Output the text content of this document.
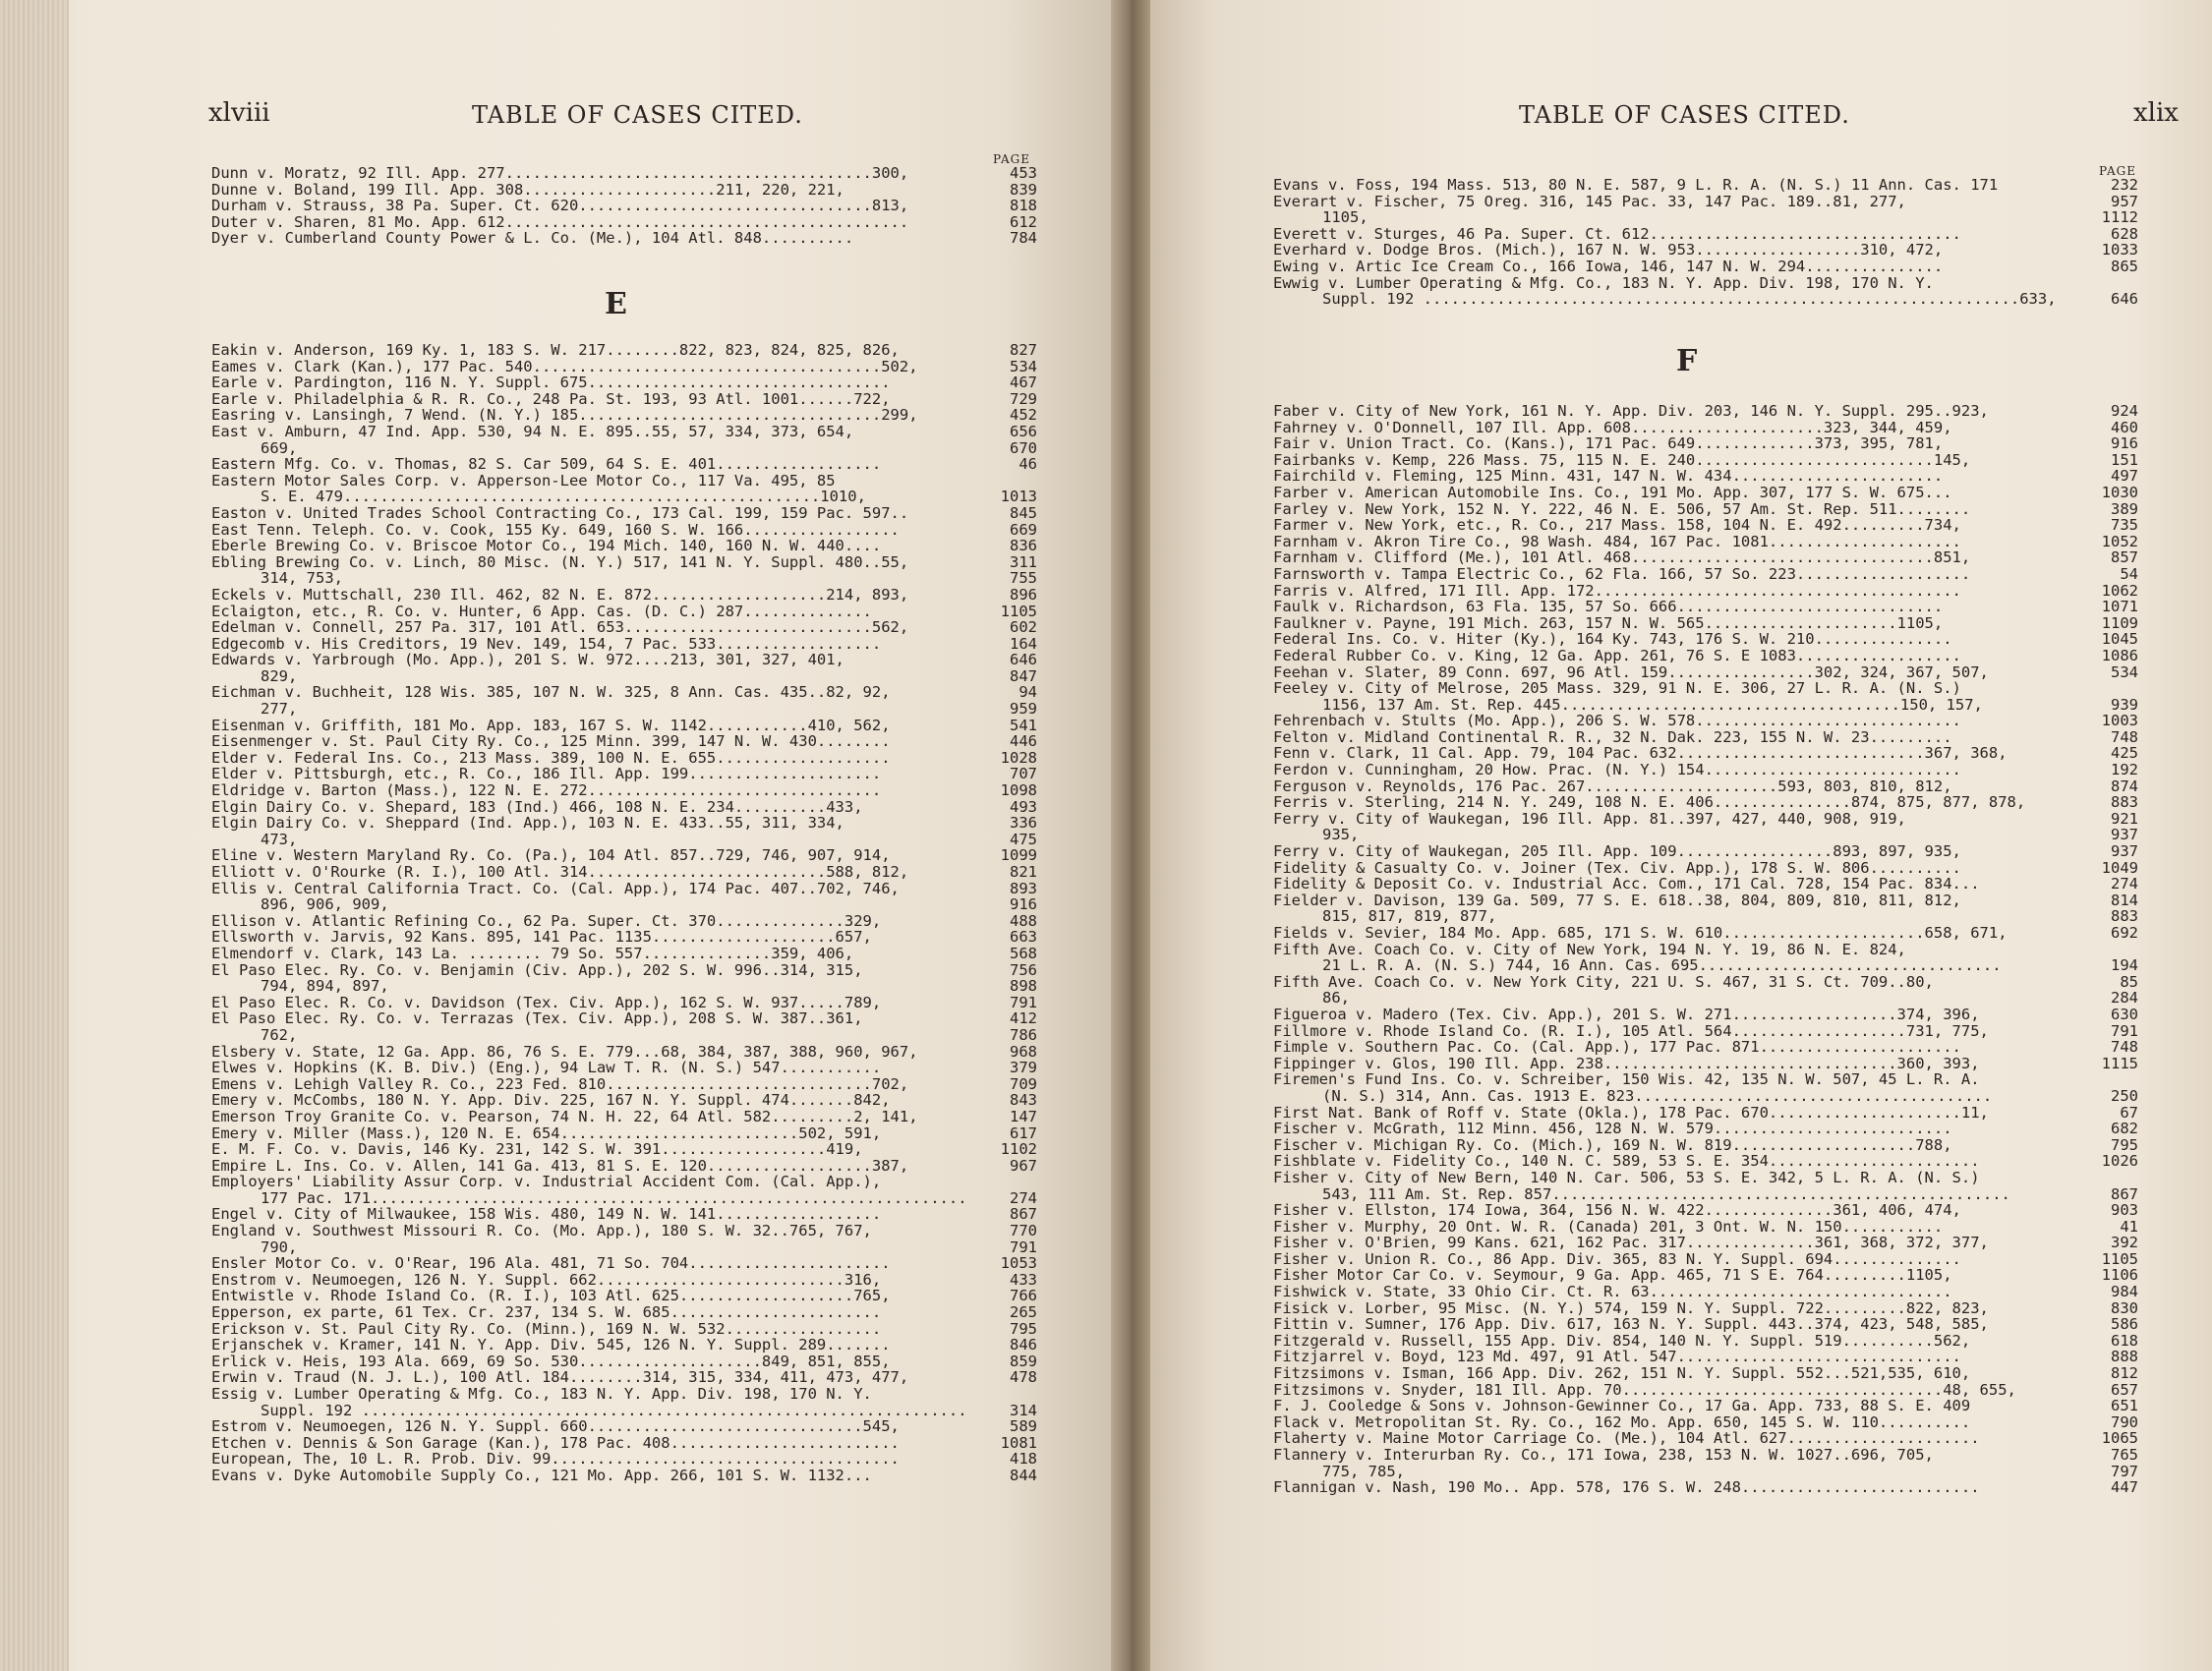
xlviii	TABLE OF CASES CITED.
PAGE
Dunn v. Moratz, 92 Ill. App. 277........................................300,	453
Dunne v. Boland, 199 Ill. App. 308.....................211, 220, 221,	839
Durham v. Strauss, 38 Pa. Super. Ct. 620................................813,	818
Duter v. Sharen, 81 Mo. App. 612............................................	612
Dyer v. Cumberland County Power & L. Co. (Me.), 104 Atl. 848..........	784
E
Eakin v. Anderson, 169 Ky. 1, 183 S. W. 217........822, 823, 824, 825, 826,	827
Eames v. Clark (Kan.), 177 Pac. 540......................................502,	534
Earle v. Pardington, 116 N. Y. Suppl. 675.................................	467
Earle v. Philadelphia & R. R. Co., 248 Pa. St. 193, 93 Atl. 1001......722,	729
Easring v. Lansingh, 7 Wend. (N. Y.) 185.................................299,	452
East v. Amburn, 47 Ind. App. 530, 94 N. E. 895..55, 57, 334, 373, 654,	656
669,	670
Eastern Mfg. Co. v. Thomas, 82 S. Car 509, 64 S. E. 401..................	46
Eastern Motor Sales Corp. v. Apperson-Lee Motor Co., 117 Va. 495, 85
S. E. 479....................................................1010,	1013
Easton v. United Trades School Contracting Co., 173 Cal. 199, 159 Pac. 597..	845
East Tenn. Teleph. Co. v. Cook, 155 Ky. 649, 160 S. W. 166.................	669
Eberle Brewing Co. v. Briscoe Motor Co., 194 Mich. 140, 160 N. W. 440....	836
Ebling Brewing Co. v. Linch, 80 Misc. (N. Y.) 517, 141 N. Y. Suppl. 480..55,	311
314, 753,	755
Eckels v. Muttschall, 230 Ill. 462, 82 N. E. 872...................214, 893,	896
Eclaigton, etc., R. Co. v. Hunter, 6 App. Cas. (D. C.) 287..............	1105
Edelman v. Connell, 257 Pa. 317, 101 Atl. 653...........................562,	602
Edgecomb v. His Creditors, 19 Nev. 149, 154, 7 Pac. 533..................	164
Edwards v. Yarbrough (Mo. App.), 201 S. W. 972....213, 301, 327, 401,	646
829,	847
Eichman v. Buchheit, 128 Wis. 385, 107 N. W. 325, 8 Ann. Cas. 435..82, 92,	94
277,	959
Eisenman v. Griffith, 181 Mo. App. 183, 167 S. W. 1142...........410, 562,	541
Eisenmenger v. St. Paul City Ry. Co., 125 Minn. 399, 147 N. W. 430........	446
Elder v. Federal Ins. Co., 213 Mass. 389, 100 N. E. 655...................	1028
Elder v. Pittsburgh, etc., R. Co., 186 Ill. App. 199.....................	707
Eldridge v. Barton (Mass.), 122 N. E. 272................................	1098
Elgin Dairy Co. v. Shepard, 183 (Ind.) 466, 108 N. E. 234..........433,	493
Elgin Dairy Co. v. Sheppard (Ind. App.), 103 N. E. 433..55, 311, 334,	336
473,	475
Eline v. Western Maryland Ry. Co. (Pa.), 104 Atl. 857..729, 746, 907, 914,	1099
Elliott v. O'Rourke (R. I.), 100 Atl. 314..........................588, 812,	821
Ellis v. Central California Tract. Co. (Cal. App.), 174 Pac. 407..702, 746,	893
896, 906, 909,	916
Ellison v. Atlantic Refining Co., 62 Pa. Super. Ct. 370..............329,	488
Ellsworth v. Jarvis, 92 Kans. 895, 141 Pac. 1135....................657,	663
Elmendorf v. Clark, 143 La. ........ 79 So. 557..............359, 406,	568
El Paso Elec. Ry. Co. v. Benjamin (Civ. App.), 202 S. W. 996..314, 315,	756
794, 894, 897,	898
El Paso Elec. R. Co. v. Davidson (Tex. Civ. App.), 162 S. W. 937.....789,	791
El Paso Elec. Ry. Co. v. Terrazas (Tex. Civ. App.), 208 S. W. 387..361,	412
762,	786
Elsbery v. State, 12 Ga. App. 86, 76 S. E. 779...68, 384, 387, 388, 960, 967,	968
Elwes v. Hopkins (K. B. Div.) (Eng.), 94 Law T. R. (N. S.) 547...........	379
Emens v. Lehigh Valley R. Co., 223 Fed. 810.............................702,	709
Emery v. McCombs, 180 N. Y. App. Div. 225, 167 N. Y. Suppl. 474.......842,	843
Emerson Troy Granite Co. v. Pearson, 74 N. H. 22, 64 Atl. 582.........2, 141,	147
Emery v. Miller (Mass.), 120 N. E. 654..........................502, 591,	617
E. M. F. Co. v. Davis, 146 Ky. 231, 142 S. W. 391..................419,	1102
Empire L. Ins. Co. v. Allen, 141 Ga. 413, 81 S. E. 120..................387,	967
Employers' Liability Assur Corp. v. Industrial Accident Com. (Cal. App.),
177 Pac. 171.................................................................	274
Engel v. City of Milwaukee, 158 Wis. 480, 149 N. W. 141..................	867
England v. Southwest Missouri R. Co. (Mo. App.), 180 S. W. 32..765, 767,	770
790,	791
Ensler Motor Co. v. O'Rear, 196 Ala. 481, 71 So. 704......................	1053
Enstrom v. Neumoegen, 126 N. Y. Suppl. 662...........................316,	433
Entwistle v. Rhode Island Co. (R. I.), 103 Atl. 625...................765,	766
Epperson, ex parte, 61 Tex. Cr. 237, 134 S. W. 685.......................	265
Erickson v. St. Paul City Ry. Co. (Minn.), 169 N. W. 532.................	795
Erjanschek v. Kramer, 141 N. Y. App. Div. 545, 126 N. Y. Suppl. 289.......	846
Erlick v. Heis, 193 Ala. 669, 69 So. 530....................849, 851, 855,	859
Erwin v. Traud (N. J. L.), 100 Atl. 184........314, 315, 334, 411, 473, 477,	478
Essig v. Lumber Operating & Mfg. Co., 183 N. Y. App. Div. 198, 170 N. Y.
Suppl. 192 ..................................................................	314
Estrom v. Neumoegen, 126 N. Y. Suppl. 660..............................545,	589
Etchen v. Dennis & Son Garage (Kan.), 178 Pac. 408.........................	1081
European, The, 10 L. R. Prob. Div. 99......................................	418
Evans v. Dyke Automobile Supply Co., 121 Mo. App. 266, 101 S. W. 1132...	844
TABLE OF CASES CITED.	xlix
PAGE
Evans v. Foss, 194 Mass. 513, 80 N. E. 587, 9 L. R. A. (N. S.) 11 Ann. Cas. 171	232
Everart v. Fischer, 75 Oreg. 316, 145 Pac. 33, 147 Pac. 189..81, 277,	957
1105,	1112
Everett v. Sturges, 46 Pa. Super. Ct. 612..................................	628
Everhard v. Dodge Bros. (Mich.), 167 N. W. 953..................310, 472,	1033
Ewing v. Artic Ice Cream Co., 166 Iowa, 146, 147 N. W. 294...............	865
Ewwig v. Lumber Operating & Mfg. Co., 183 N. Y. App. Div. 198, 170 N. Y.
Suppl. 192 .................................................................633,	646
F
Faber v. City of New York, 161 N. Y. App. Div. 203, 146 N. Y. Suppl. 295..923,	924
Fahrney v. O'Donnell, 107 Ill. App. 608.....................323, 344, 459,	460
Fair v. Union Tract. Co. (Kans.), 171 Pac. 649.............373, 395, 781,	916
Fairbanks v. Kemp, 226 Mass. 75, 115 N. E. 240..........................145,	151
Fairchild v. Fleming, 125 Minn. 431, 147 N. W. 434.......................	497
Farber v. American Automobile Ins. Co., 191 Mo. App. 307, 177 S. W. 675...	1030
Farley v. New York, 152 N. Y. 222, 46 N. E. 506, 57 Am. St. Rep. 511........	389
Farmer v. New York, etc., R. Co., 217 Mass. 158, 104 N. E. 492.........734,	735
Farnham v. Akron Tire Co., 98 Wash. 484, 167 Pac. 1081.....................	1052
Farnham v. Clifford (Me.), 101 Atl. 468.................................851,	857
Farnsworth v. Tampa Electric Co., 62 Fla. 166, 57 So. 223...................	54
Farris v. Alfred, 171 Ill. App. 172........................................	1062
Faulk v. Richardson, 63 Fla. 135, 57 So. 666.............................	1071
Faulkner v. Payne, 191 Mich. 263, 157 N. W. 565.....................1105,	1109
Federal Ins. Co. v. Hiter (Ky.), 164 Ky. 743, 176 S. W. 210...............	1045
Federal Rubber Co. v. King, 12 Ga. App. 261, 76 S. E 1083..................	1086
Feehan v. Slater, 89 Conn. 697, 96 Atl. 159................302, 324, 367, 507,	534
Feeley v. City of Melrose, 205 Mass. 329, 91 N. E. 306, 27 L. R. A. (N. S.)
1156, 137 Am. St. Rep. 445.....................................150, 157,	939
Fehrenbach v. Stults (Mo. App.), 206 S. W. 578.............................	1003
Felton v. Midland Continental R. R., 32 N. Dak. 223, 155 N. W. 23.........	748
Fenn v. Clark, 11 Cal. App. 79, 104 Pac. 632...........................367, 368,	425
Ferdon v. Cunningham, 20 How. Prac. (N. Y.) 154............................	192
Ferguson v. Reynolds, 176 Pac. 267.....................593, 803, 810, 812,	874
Ferris v. Sterling, 214 N. Y. 249, 108 N. E. 406...............874, 875, 877, 878,	883
Ferry v. City of Waukegan, 196 Ill. App. 81..397, 427, 440, 908, 919,	921
935,	937
Ferry v. City of Waukegan, 205 Ill. App. 109.................893, 897, 935,	937
Fidelity & Casualty Co. v. Joiner (Tex. Civ. App.), 178 S. W. 806..........	1049
Fidelity & Deposit Co. v. Industrial Acc. Com., 171 Cal. 728, 154 Pac. 834...	274
Fielder v. Davison, 139 Ga. 509, 77 S. E. 618..38, 804, 809, 810, 811, 812,	814
815, 817, 819, 877,	883
Fields v. Sevier, 184 Mo. App. 685, 171 S. W. 610......................658, 671,	692
Fifth Ave. Coach Co. v. City of New York, 194 N. Y. 19, 86 N. E. 824,
21 L. R. A. (N. S.) 744, 16 Ann. Cas. 695.................................	194
Fifth Ave. Coach Co. v. New York City, 221 U. S. 467, 31 S. Ct. 709..80,	85
86,	284
Figueroa v. Madero (Tex. Civ. App.), 201 S. W. 271..................374, 396,	630
Fillmore v. Rhode Island Co. (R. I.), 105 Atl. 564...................731, 775,	791
Fimple v. Southern Pac. Co. (Cal. App.), 177 Pac. 871......................	748
Fippinger v. Glos, 190 Ill. App. 238................................360, 393,	1115
Firemen's Fund Ins. Co. v. Schreiber, 150 Wis. 42, 135 N. W. 507, 45 L. R. A.
(N. S.) 314, Ann. Cas. 1913 E. 823.......................................	250
First Nat. Bank of Roff v. State (Okla.), 178 Pac. 670.....................11,	67
Fischer v. McGrath, 112 Minn. 456, 128 N. W. 579..........................	682
Fischer v. Michigan Ry. Co. (Mich.), 169 N. W. 819....................788,	795
Fishblate v. Fidelity Co., 140 N. C. 589, 53 S. E. 354.......................	1026
Fisher v. City of New Bern, 140 N. Car. 506, 53 S. E. 342, 5 L. R. A. (N. S.)
543, 111 Am. St. Rep. 857..................................................	867
Fisher v. Ellston, 174 Iowa, 364, 156 N. W. 422..............361, 406, 474,	903
Fisher v. Murphy, 20 Ont. W. R. (Canada) 201, 3 Ont. W. N. 150...........	41
Fisher v. O'Brien, 99 Kans. 621, 162 Pac. 317..............361, 368, 372, 377,	392
Fisher v. Union R. Co., 86 App. Div. 365, 83 N. Y. Suppl. 694..............	1105
Fisher Motor Car Co. v. Seymour, 9 Ga. App. 465, 71 S E. 764.........1105,	1106
Fishwick v. State, 33 Ohio Cir. Ct. R. 63.................................	984
Fisick v. Lorber, 95 Misc. (N. Y.) 574, 159 N. Y. Suppl. 722.........822, 823,	830
Fittin v. Sumner, 176 App. Div. 617, 163 N. Y. Suppl. 443..374, 423, 548, 585,	586
Fitzgerald v. Russell, 155 App. Div. 854, 140 N. Y. Suppl. 519..........562,	618
Fitzjarrel v. Boyd, 123 Md. 497, 91 Atl. 547...............................	888
Fitzsimons v. Isman, 166 App. Div. 262, 151 N. Y. Suppl. 552...521,535, 610,	812
Fitzsimons v. Snyder, 181 Ill. App. 70...................................48, 655,	657
F. J. Cooledge & Sons v. Johnson-Gewinner Co., 17 Ga. App. 733, 88 S. E. 409	651
Flack v. Metropolitan St. Ry. Co., 162 Mo. App. 650, 145 S. W. 110..........	790
Flaherty v. Maine Motor Carriage Co. (Me.), 104 Atl. 627.....................	1065
Flannery v. Interurban Ry. Co., 171 Iowa, 238, 153 N. W. 1027..696, 705,	765
775, 785,	797
Flannigan v. Nash, 190 Mo.. App. 578, 176 S. W. 248..........................	447
